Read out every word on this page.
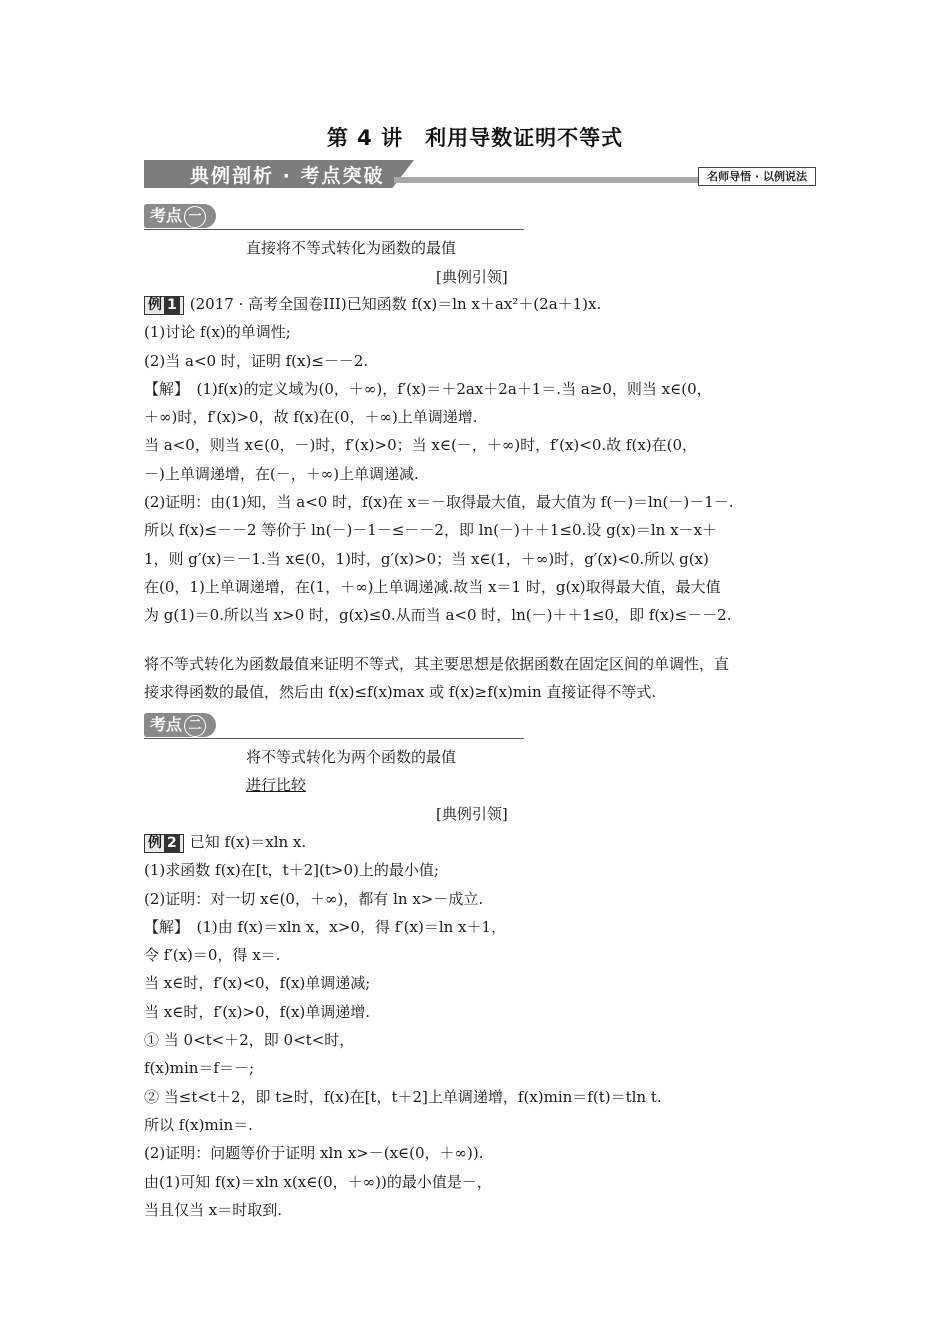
第 4 讲　利用导数证明不等式
典例剖析 · 考点突破	名师导悟 · 以例说法
考点 一
直接将不等式转化为函数的最值
[典例引领]

例 1 (2017 · 高考全国卷III)已知函数 f(x)＝ln x＋ax²＋(2a＋1)x.

(1)讨论 f(x)的单调性;

(2)当 a<0 时，证明 f(x)≤－－2.

【解】　(1)f(x)的定义域为(0，＋∞)，f′(x)＝＋2ax＋2a＋1＝.当 a≥0，则当 x∈(0，

＋∞)时，f′(x)>0，故 f(x)在(0，＋∞)上单调递增.

当 a<0，则当 x∈(0，－)时，f′(x)>0；当 x∈(－，＋∞)时，f′(x)<0.故 f(x)在(0，

－)上单调递增，在(－，＋∞)上单调递减.

(2)证明：由(1)知，当 a<0 时，f(x)在 x＝－取得最大值，最大值为 f(－)＝ln(－)－1－.

所以 f(x)≤－－2 等价于 ln(－)－1－≤－－2，即 ln(－)＋＋1≤0.设 g(x)＝ln x－x＋

1，则 g′(x)＝－1.当 x∈(0，1)时，g′(x)>0；当 x∈(1，＋∞)时，g′(x)<0.所以 g(x)

在(0，1)上单调递增，在(1，＋∞)上单调递减.故当 x＝1 时，g(x)取得最大值，最大值

为 g(1)＝0.所以当 x>0 时，g(x)≤0.从而当 a<0 时，ln(－)＋＋1≤0，即 f(x)≤－－2.

将不等式转化为函数最值来证明不等式，其主要思想是依据函数在固定区间的单调性，直

接求得函数的最值，然后由 f(x)≤f(x)max 或 f(x)≥f(x)min 直接证得不等式.

考点 二
将不等式转化为两个函数的最值
进行比较
[典例引领]

例 2 已知 f(x)＝xln x.

(1)求函数 f(x)在[t，t＋2](t>0)上的最小值;

(2)证明：对一切 x∈(0，＋∞)，都有 ln x>－成立.

【解】　(1)由 f(x)＝xln x，x>0，得 f′(x)＝ln x＋1，

令 f′(x)＝0，得 x＝.

当 x∈时，f′(x)<0，f(x)单调递减;

当 x∈时，f′(x)>0，f(x)单调递增.

① 当 0<t<＋2，即 0<t<时，

f(x)min＝f＝－;

② 当≤t<t＋2，即 t≥时，f(x)在[t，t＋2]上单调递增，f(x)min＝f(t)＝tln t.

所以 f(x)min＝.

(2)证明：问题等价于证明 xln x>－(x∈(0，＋∞)).

由(1)可知 f(x)＝xln x(x∈(0，＋∞))的最小值是－，

当且仅当 x＝时取到.
